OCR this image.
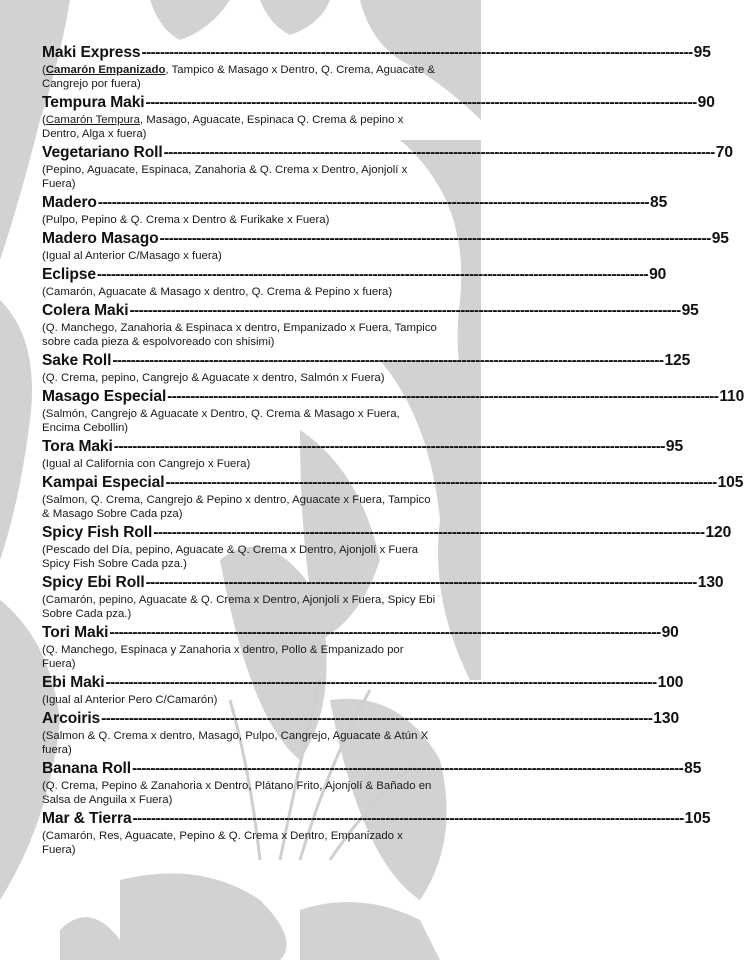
Maki Express ------------------------------------------------------------------------------------------------------------------------ 95
(Camarón Empanizado, Tampico & Masago x Dentro, Q. Crema, Aguacate & Cangrejo por fuera)
Tempura Maki ------------------------------------------------------------------------------------------------------------------------ 90
(Camarón Tempura, Masago, Aguacate, Espinaca Q. Crema & pepino x Dentro, Alga x fuera)
Vegetariano Roll ------------------------------------------------------------------------------------------------------------------------ 70
(Pepino, Aguacate, Espinaca, Zanahoria & Q. Crema x Dentro, Ajonjolí x Fuera)
Madero ------------------------------------------------------------------------------------------------------------------------ 85
(Pulpo, Pepino & Q. Crema x Dentro & Furikake x Fuera)
Madero Masago ------------------------------------------------------------------------------------------------------------------------ 95
(Igual al Anterior C/Masago x fuera)
Eclipse ------------------------------------------------------------------------------------------------------------------------ 90
(Camarón, Aguacate & Masago x dentro, Q. Crema & Pepino x fuera)
Colera Maki ------------------------------------------------------------------------------------------------------------------------ 95
(Q. Manchego, Zanahoria & Espinaca x dentro, Empanizado x Fuera, Tampico sobre cada pieza & espolvoreado con shisimi)
Sake Roll ------------------------------------------------------------------------------------------------------------------------ 125
(Q. Crema, pepino, Cangrejo & Aguacate x dentro, Salmón x Fuera)
Masago Especial ------------------------------------------------------------------------------------------------------------------------ 110
(Salmón, Cangrejo & Aguacate x Dentro, Q. Crema & Masago x Fuera, Encima Cebollin)
Tora Maki ------------------------------------------------------------------------------------------------------------------------ 95
(Igual al California con Cangrejo x Fuera)
Kampai Especial ------------------------------------------------------------------------------------------------------------------------ 105
(Salmon, Q. Crema, Cangrejo & Pepino x dentro, Aguacate x Fuera, Tampico & Masago Sobre Cada pza)
Spicy Fish Roll ------------------------------------------------------------------------------------------------------------------------ 120
(Pescado del Día, pepino, Aguacate & Q. Crema x Dentro, Ajonjolí x Fuera Spicy Fish Sobre Cada pza.)
Spicy Ebi Roll ------------------------------------------------------------------------------------------------------------------------ 130
(Camarón, pepino, Aguacate & Q. Crema x Dentro, Ajonjolí x Fuera, Spicy Ebi Sobre Cada pza.)
Tori Maki ------------------------------------------------------------------------------------------------------------------------ 90
(Q. Manchego, Espinaca y Zanahoria x dentro, Pollo & Empanizado por Fuera)
Ebi Maki ------------------------------------------------------------------------------------------------------------------------ 100
(Igual al Anterior Pero C/Camarón)
Arcoiris ------------------------------------------------------------------------------------------------------------------------ 130
(Salmon & Q. Crema x dentro, Masago, Pulpo, Cangrejo, Aguacate & Atún X fuera)
Banana Roll ------------------------------------------------------------------------------------------------------------------------ 85
(Q. Crema, Pepino & Zanahoria x Dentro, Plátano Frito, Ajonjolí & Bañado en Salsa de Anguila x Fuera)
Mar & Tierra ------------------------------------------------------------------------------------------------------------------------ 105
(Camarón, Res, Aguacate, Pepino & Q. Crema x Dentro, Empanizado x Fuera)
